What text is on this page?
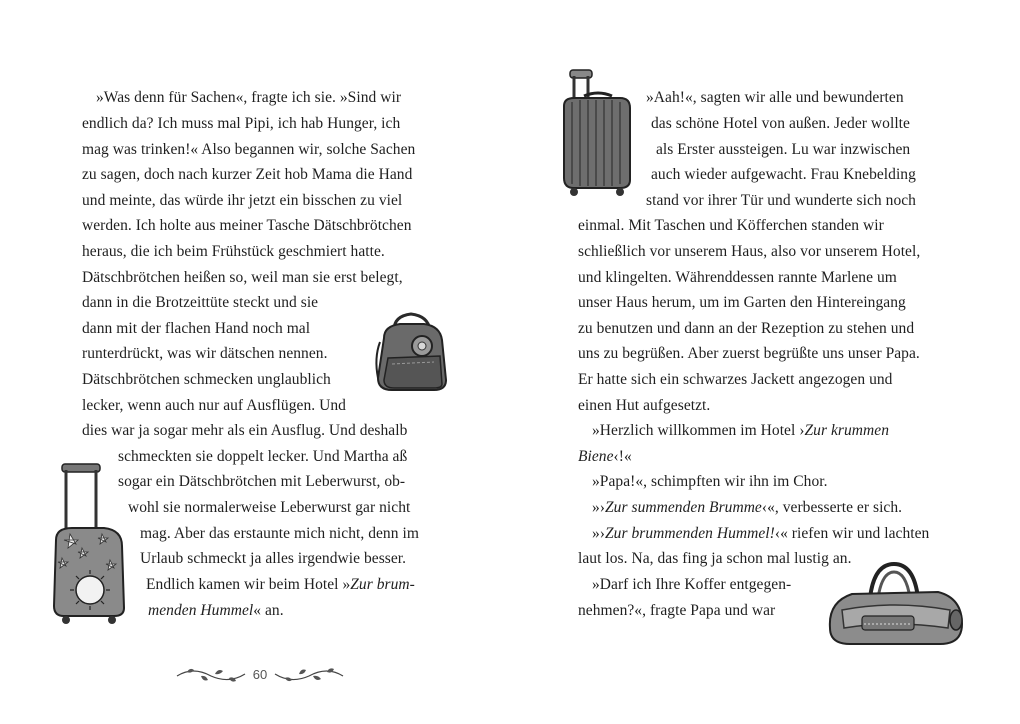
»Was denn für Sachen«, fragte ich sie. »Sind wir
endlich da? Ich muss mal Pipi, ich hab Hunger, ich
mag was trinken!« Also begannen wir, solche Sachen
zu sagen, doch nach kurzer Zeit hob Mama die Hand
und meinte, das würde ihr jetzt ein bisschen zu viel
werden. Ich holte aus meiner Tasche Dätschbrötchen
heraus, die ich beim Frühstück geschmiert hatte.
Dätschbrötchen heißen so, weil man sie erst belegt,
dann in die Brotzeittüte steckt und sie
dann mit der flachen Hand noch mal
runterdrückt, was wir dätschen nennen.
Dätschbrötchen schmecken unglaublich
lecker, wenn auch nur auf Ausflügen. Und
dies war ja sogar mehr als ein Ausflug. Und deshalb
schmeckten sie doppelt lecker. Und Martha aß
sogar ein Dätschbrötchen mit Leberwurst, ob-
wohl sie normalerweise Leberwurst gar nicht
mag. Aber das erstaunte mich nicht, denn im
Urlaub schmeckt ja alles irgendwie besser.
Endlich kamen wir beim Hotel »Zur brum-
menden Hummel« an.
60
»Aah!«, sagten wir alle und bewunderten
das schöne Hotel von außen. Jeder wollte
als Erster aussteigen. Lu war inzwischen
auch wieder aufgewacht. Frau Knebelding
stand vor ihrer Tür und wunderte sich noch
einmal. Mit Taschen und Köfferchen standen wir
schließlich vor unserem Haus, also vor unserem Hotel,
und klingelten. Währenddessen rannte Marlene um
unser Haus herum, um im Garten den Hintereingang
zu benutzen und dann an der Rezeption zu stehen und
uns zu begrüßen. Aber zuerst begrüßte uns unser Papa.
Er hatte sich ein schwarzes Jackett angezogen und
einen Hut aufgesetzt.
»Herzlich willkommen im Hotel ›Zur krummen
Biene‹!«
»Papa!«, schimpften wir ihn im Chor.
»›Zur summenden Brumme‹«, verbesserte er sich.
»›Zur brummenden Hummel!‹« riefen wir und lachten
laut los. Na, das fing ja schon mal lustig an.
»Darf ich Ihre Koffer entgegen-
nehmen?«, fragte Papa und war
